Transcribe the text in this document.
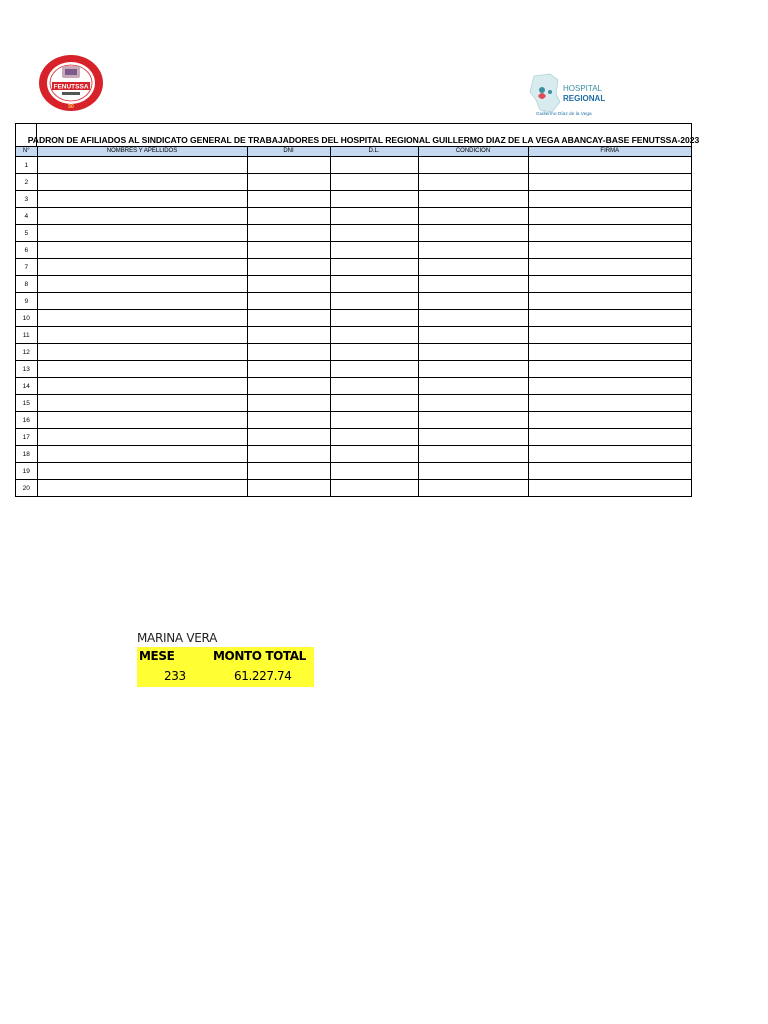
FENUTSSA
50
HOSPITAL
REGIONAL
Guillermo Díaz de la Vega
PADRON DE AFILIADOS AL SINDICATO GENERAL DE TRABAJADORES DEL HOSPITAL REGIONAL GUILLERMO DIAZ DE LA VEGA ABANCAY-BASE FENUTSSA-2023
N°	NOMBRES Y APELLIDOS	DNI	D.L.	CONDICION	FIRMA
1					
2					
3					
4					
5					
6					
7					
8					
9					
10					
11					
12					
13					
14					
15					
16					
17					
18					
19					
20					
MARINA VERA
MESE	MONTO TOTAL
233	61.227.74
